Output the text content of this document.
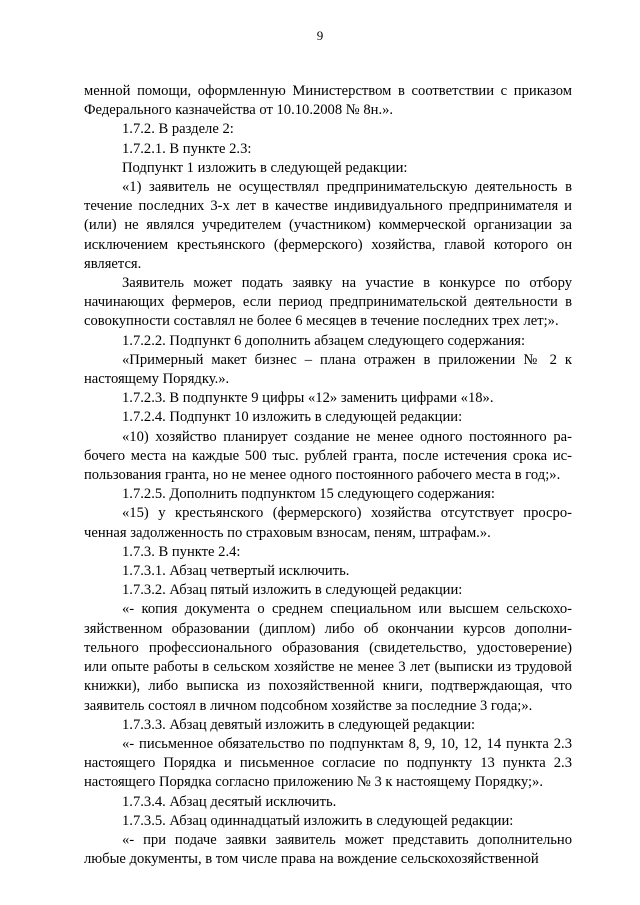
9

менной помощи, оформленную Министерством в соответствии с приказом Федерального казначейства от 10.10.2008 № 8н.».

1.7.2. В разделе 2:

1.7.2.1. В пункте 2.3:

Подпункт 1 изложить в следующей редакции:

«1) заявитель не осуществлял предпринимательскую деятельность в течение последних 3-х лет в качестве индивидуального предпринимателя и (или) не являлся учредителем (участником) коммерческой организации за исключением крестьянского (фермерского) хозяйства, главой которого он является.

Заявитель может подать заявку на участие в конкурсе по отбору начинающих фермеров, если период предпринимательской деятельности в совокупности составлял не более 6 месяцев в течение последних трех лет;».

1.7.2.2. Подпункт 6 дополнить абзацем следующего содержания:

«Примерный макет бизнес – плана отражен в приложении № 2 к настоящему Порядку.».

1.7.2.3. В подпункте 9 цифры «12» заменить цифрами «18».

1.7.2.4. Подпункт 10 изложить в следующей редакции:

«10) хозяйство планирует создание не менее одного постоянного рабочего места на каждые 500 тыс. рублей гранта, после истечения срока использования гранта, но не менее одного постоянного рабочего места в год;».

1.7.2.5. Дополнить подпунктом 15 следующего содержания:

«15) у крестьянского (фермерского) хозяйства отсутствует просроченная задолженность по страховым взносам, пеням, штрафам.».

1.7.3. В пункте 2.4:

1.7.3.1. Абзац четвертый исключить.

1.7.3.2. Абзац пятый изложить в следующей редакции:

«- копия документа о среднем специальном или высшем сельскохозяйственном образовании (диплом) либо об окончании курсов дополнительного профессионального образования (свидетельство, удостоверение) или опыте работы в сельском хозяйстве не менее 3 лет (выписки из трудовой книжки), либо выписка из похозяйственной книги, подтверждающая, что заявитель состоял в личном подсобном хозяйстве за последние 3 года;».

1.7.3.3. Абзац девятый изложить в следующей редакции:

«- письменное обязательство по подпунктам 8, 9, 10, 12, 14 пункта 2.3 настоящего Порядка и письменное согласие по подпункту 13 пункта 2.3 настоящего Порядка согласно приложению № 3 к настоящему Порядку;».

1.7.3.4. Абзац десятый исключить.

1.7.3.5. Абзац одиннадцатый изложить в следующей редакции:

«- при подаче заявки заявитель может представить дополнительно любые документы, в том числе права на вождение сельскохозяйственной
